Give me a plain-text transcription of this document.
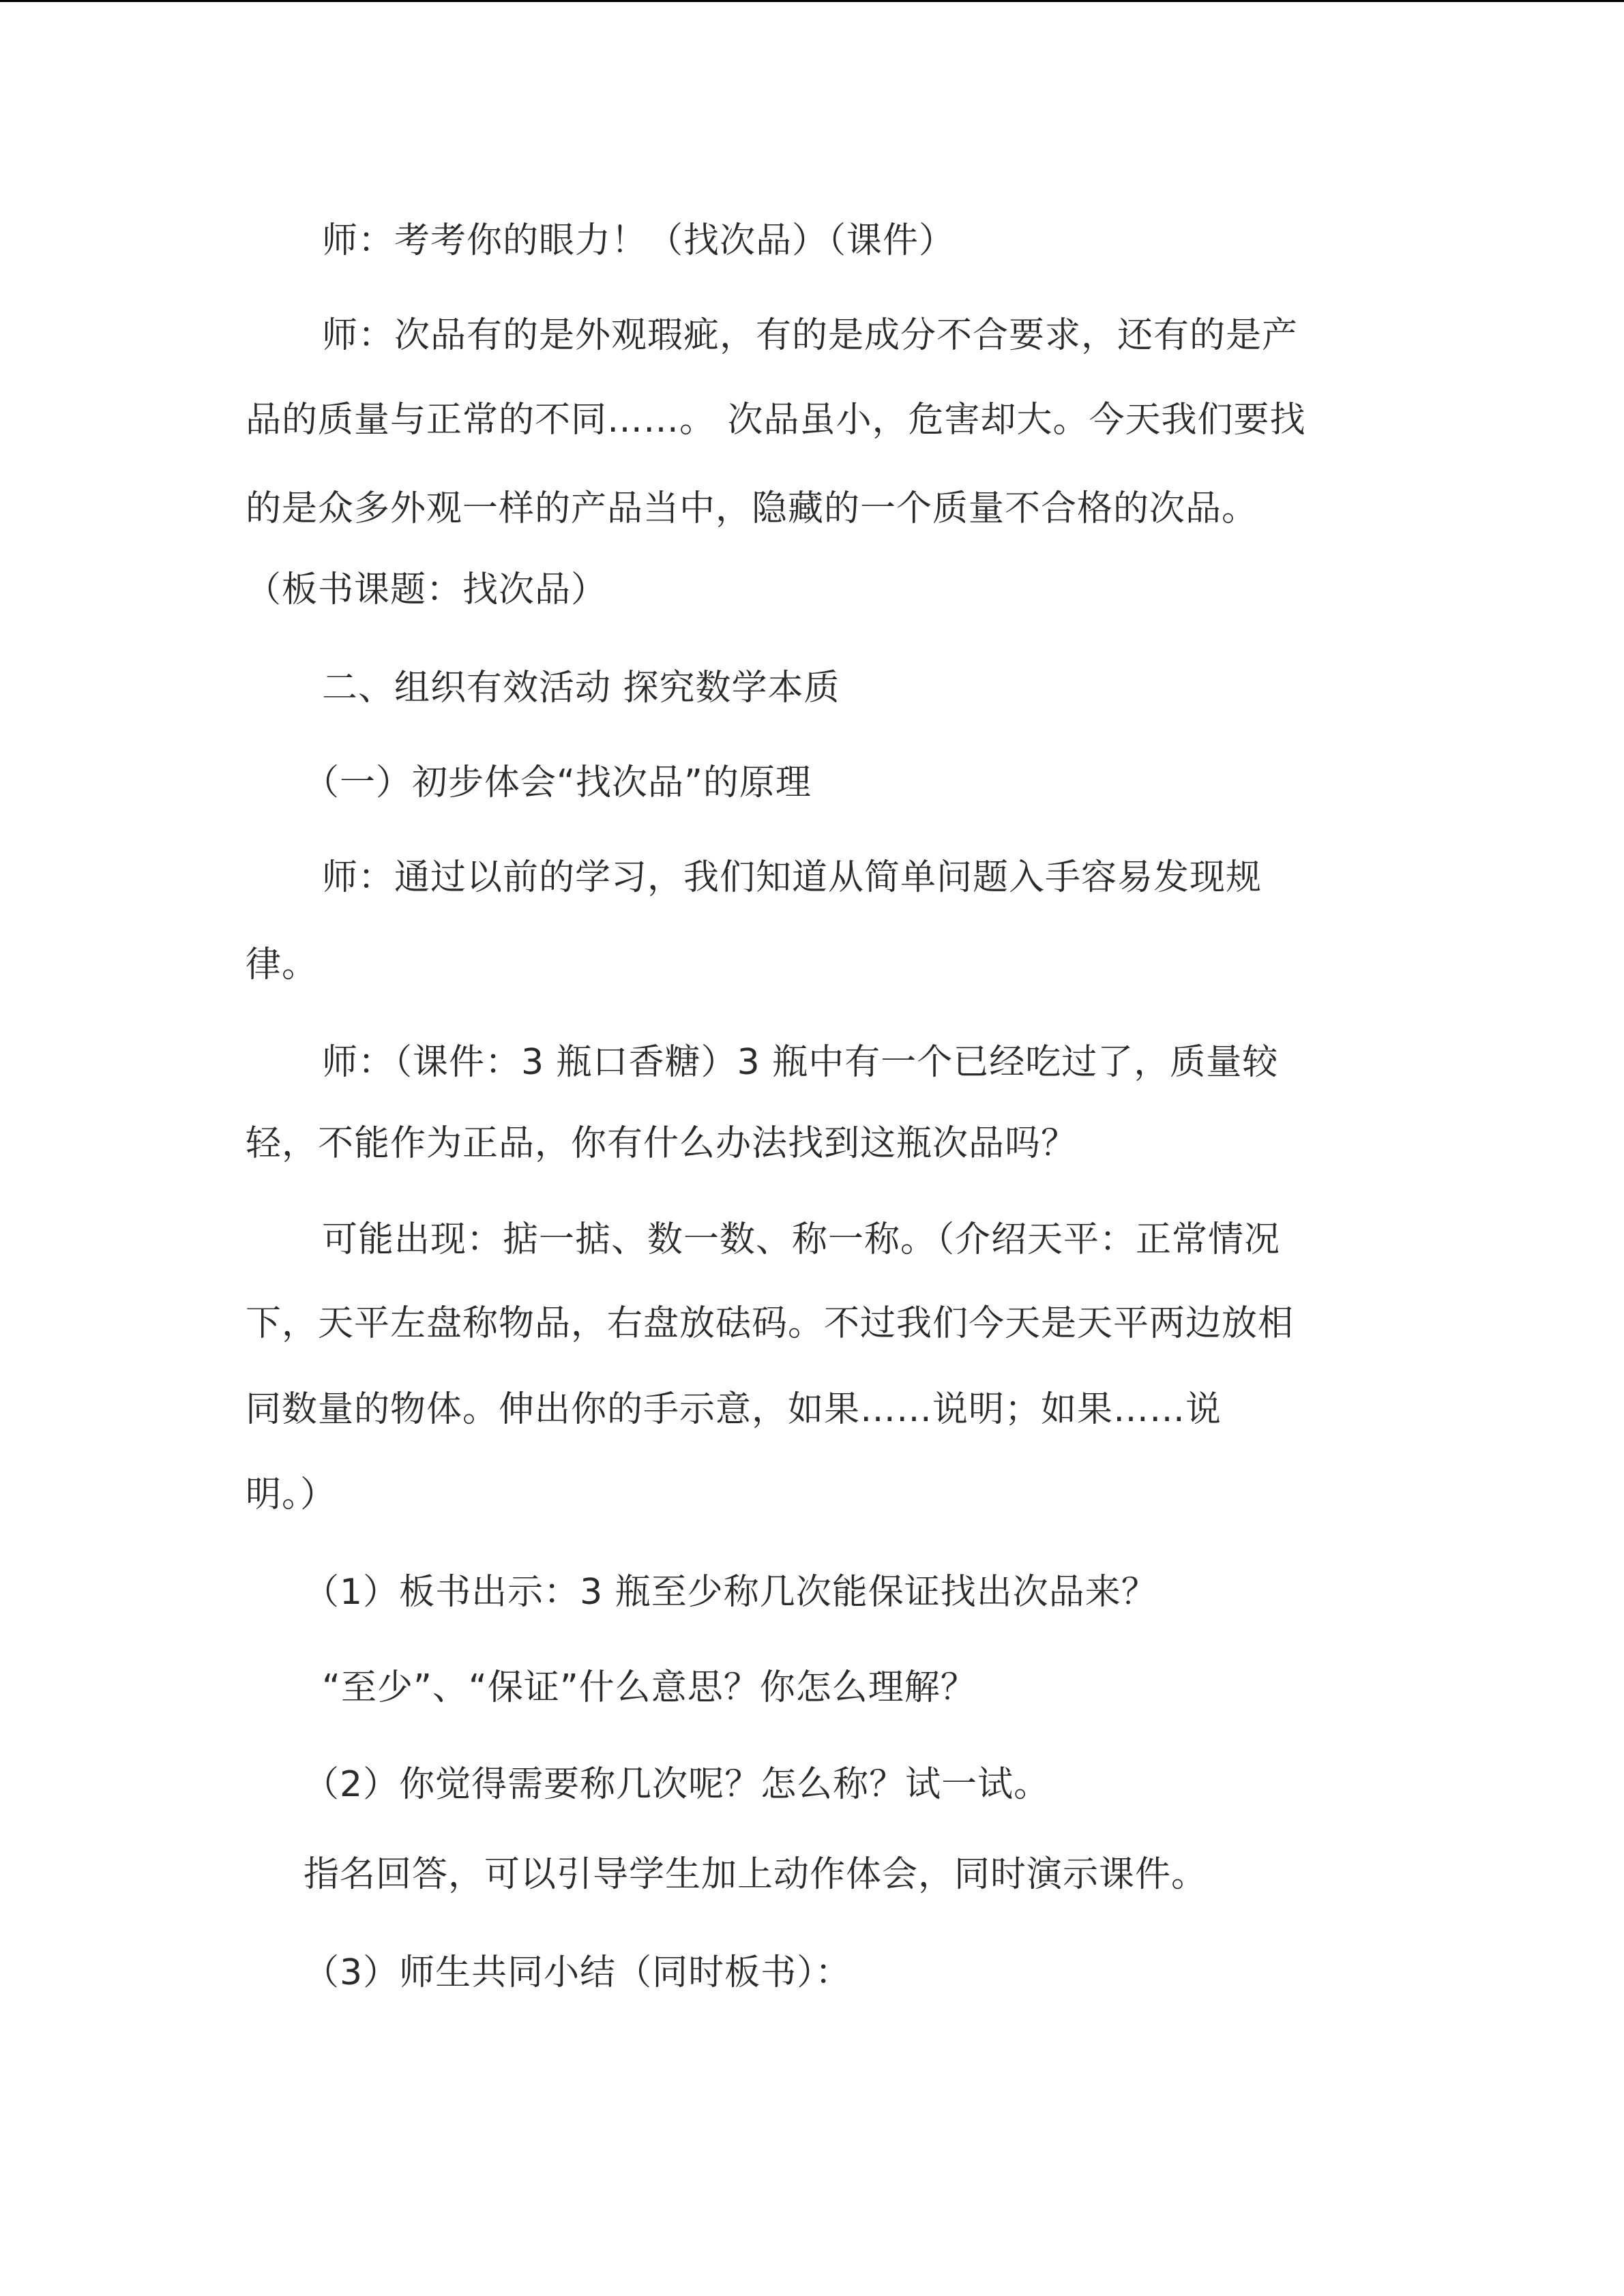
师：考考你的眼力！（找次品）（课件）
师：次品有的是外观瑕疵，有的是成分不合要求，还有的是产
品的质量与正常的不同……。 次品虽小，危害却大。今天我们要找
的是众多外观一样的产品当中，隐藏的一个质量不合格的次品。
（板书课题：找次品）
二、组织有效活动 探究数学本质
（一）初步体会“找次品”的原理
师：通过以前的学习，我们知道从简单问题入手容易发现规
律。
师：（课件：3 瓶口香糖）3 瓶中有一个已经吃过了，质量较
轻，不能作为正品，你有什么办法找到这瓶次品吗？
可能出现：掂一掂、数一数、称一称。（介绍天平：正常情况
下，天平左盘称物品，右盘放砝码。不过我们今天是天平两边放相
同数量的物体。伸出你的手示意，如果……说明；如果……说
明。）
（1）板书出示：3 瓶至少称几次能保证找出次品来？
“至少”、“保证”什么意思？你怎么理解？
（2）你觉得需要称几次呢？怎么称？试一试。
指名回答，可以引导学生加上动作体会，同时演示课件。
（3）师生共同小结（同时板书）：
